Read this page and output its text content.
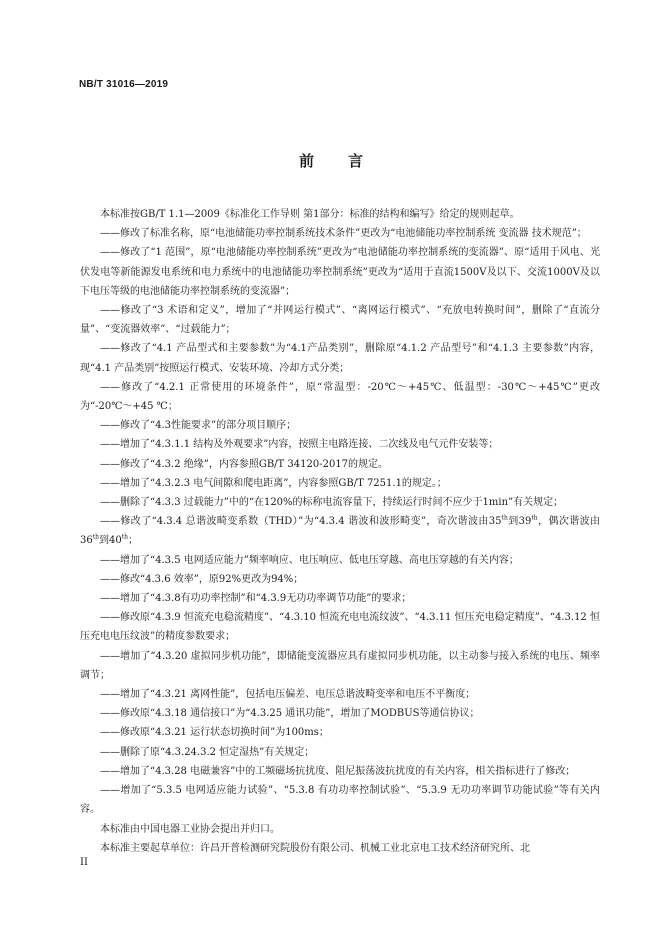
NB/T 31016—2019
前言

本标准按GB/T 1.1—2009《标准化工作导则 第1部分：标准的结构和编写》给定的规则起草。

——修改了标准名称，原“电池储能功率控制系统技术条件”更改为“电池储能功率控制系统 变流器 技术规范”；

——修改了“1 范围”，原“电池储能功率控制系统”更改为“电池储能功率控制系统的变流器”、原“适用于风电、光伏发电等新能源发电系统和电力系统中的电池储能功率控制系统”更改为“适用于直流1500V及以下、交流1000V及以下电压等级的电池储能功率控制系统的变流器”；

——修改了“3 术语和定义”，增加了“并网运行模式”、“离网运行模式”、“充放电转换时间”，删除了“直流分量”、“变流器效率”、“过载能力”；

——修改了“4.1 产品型式和主要参数”为“4.1产品类别”，删除原“4.1.2 产品型号”和“4.1.3 主要参数”内容，现“4.1 产品类别”按照运行模式、安装环境、冷却方式分类；

——修改了“4.2.1 正常使用的环境条件”，原“常温型：-20℃～+45℃、低温型：-30℃～+45℃”更改为“-20℃～+45 ℃；

——修改了“4.3性能要求”的部分项目顺序；

——增加了“4.3.1.1 结构及外观要求”内容，按照主电路连接、二次线及电气元件安装等；

——修改了“4.3.2 绝缘”，内容参照GB/T 34120-2017的规定。

——增加了“4.3.2.3 电气间隙和爬电距离”，内容参照GB/T 7251.1的规定。；

——删除了“4.3.3 过载能力”中的“在120%的标称电流容量下，持续运行时间不应少于1min”有关规定；

——修改了“4.3.4 总谐波畸变系数（THD）”为“4.3.4 谐波和波形畸变”，奇次谐波由35th到39th，偶次谐波由36th到40th；

——增加了“4.3.5 电网适应能力”频率响应、电压响应、低电压穿越、高电压穿越的有关内容；

——修改“4.3.6 效率”，原92%更改为94%；

——增加了“4.3.8有功功率控制”和“4.3.9无功功率调节功能”的要求；

——修改原“4.3.9 恒流充电稳流精度”、“4.3.10 恒流充电电流纹波”、“4.3.11 恒压充电稳定精度”、“4.3.12 恒压充电电压纹波”的精度参数要求；

——增加了“4.3.20 虚拟同步机功能”，即储能变流器应具有虚拟同步机功能，以主动参与接入系统的电压、频率调节；

——增加了“4.3.21 离网性能”，包括电压偏差、电压总谐波畸变率和电压不平衡度；

——修改原“4.3.18 通信接口”为“4.3.25 通讯功能”，增加了MODBUS等通信协议；

——修改原“4.3.21 运行状态切换时间”为100ms；

——删除了原“4.3.24.3.2 恒定湿热”有关规定；

——增加了“4.3.28 电磁兼容”中的工频磁场抗扰度、阻尼振荡波抗扰度的有关内容，相关指标进行了修改；

——增加了“5.3.5 电网适应能力试验”、“5.3.8 有功功率控制试验”、“5.3.9 无功功率调节功能试验”等有关内容。

本标准由中国电器工业协会提出并归口。

本标准主要起草单位：许昌开普检测研究院股份有限公司、机械工业北京电工技术经济研究所、北

II
